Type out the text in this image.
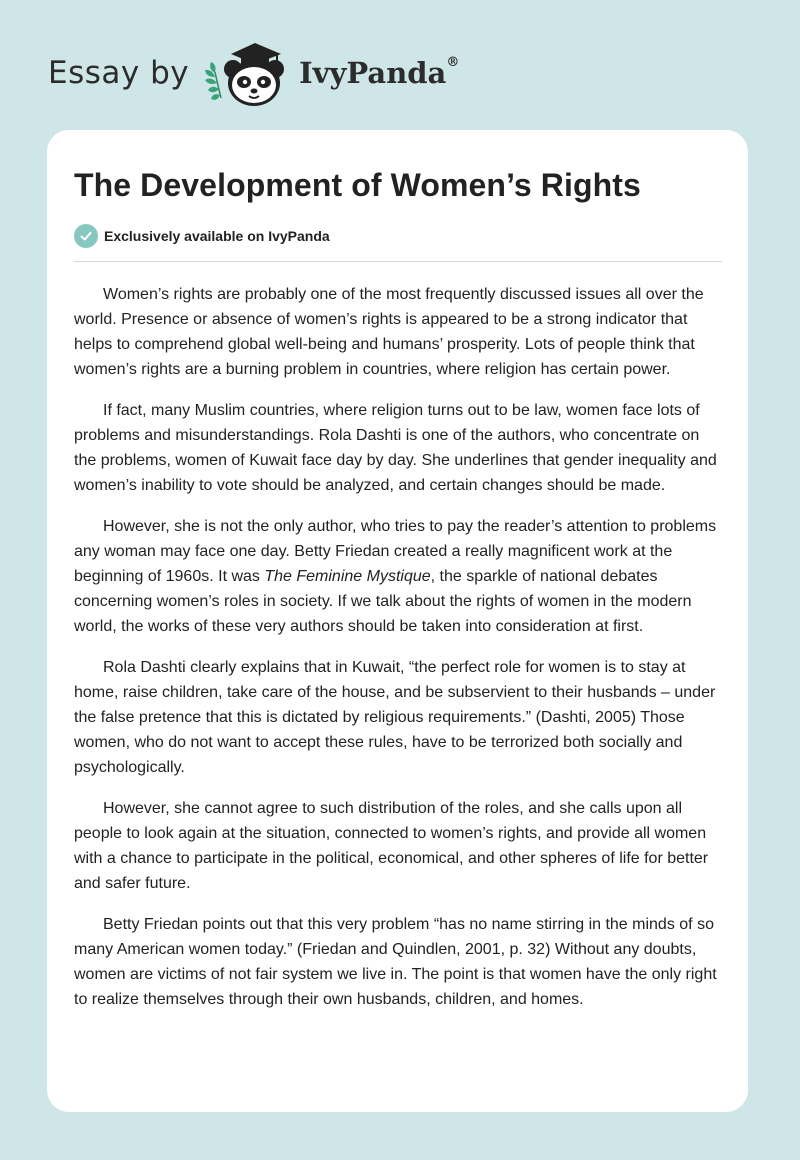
Essay by	IvyPanda®
The Development of Women’s Rights
Exclusively available on IvyPanda

Women’s rights are probably one of the most frequently discussed issues all over the world. Presence or absence of women’s rights is appeared to be a strong indicator that helps to comprehend global well-being and humans’ prosperity. Lots of people think that women’s rights are a burning problem in countries, where religion has certain power.

If fact, many Muslim countries, where religion turns out to be law, women face lots of problems and misunderstandings. Rola Dashti is one of the authors, who concentrate on the problems, women of Kuwait face day by day. She underlines that gender inequality and women’s inability to vote should be analyzed, and certain changes should be made.

However, she is not the only author, who tries to pay the reader’s attention to problems any woman may face one day. Betty Friedan created a really magnificent work at the beginning of 1960s. It was The Feminine Mystique, the sparkle of national debates concerning women’s roles in society. If we talk about the rights of women in the modern world, the works of these very authors should be taken into consideration at first.

Rola Dashti clearly explains that in Kuwait, “the perfect role for women is to stay at home, raise children, take care of the house, and be subservient to their husbands – under the false pretence that this is dictated by religious requirements.” (Dashti, 2005) Those women, who do not want to accept these rules, have to be terrorized both socially and psychologically.

However, she cannot agree to such distribution of the roles, and she calls upon all people to look again at the situation, connected to women’s rights, and provide all women with a chance to participate in the political, economical, and other spheres of life for better and safer future.

Betty Friedan points out that this very problem “has no name stirring in the minds of so many American women today.” (Friedan and Quindlen, 2001, p. 32) Without any doubts, women are victims of not fair system we live in. The point is that women have the only right to realize themselves through their own husbands, children, and homes.
